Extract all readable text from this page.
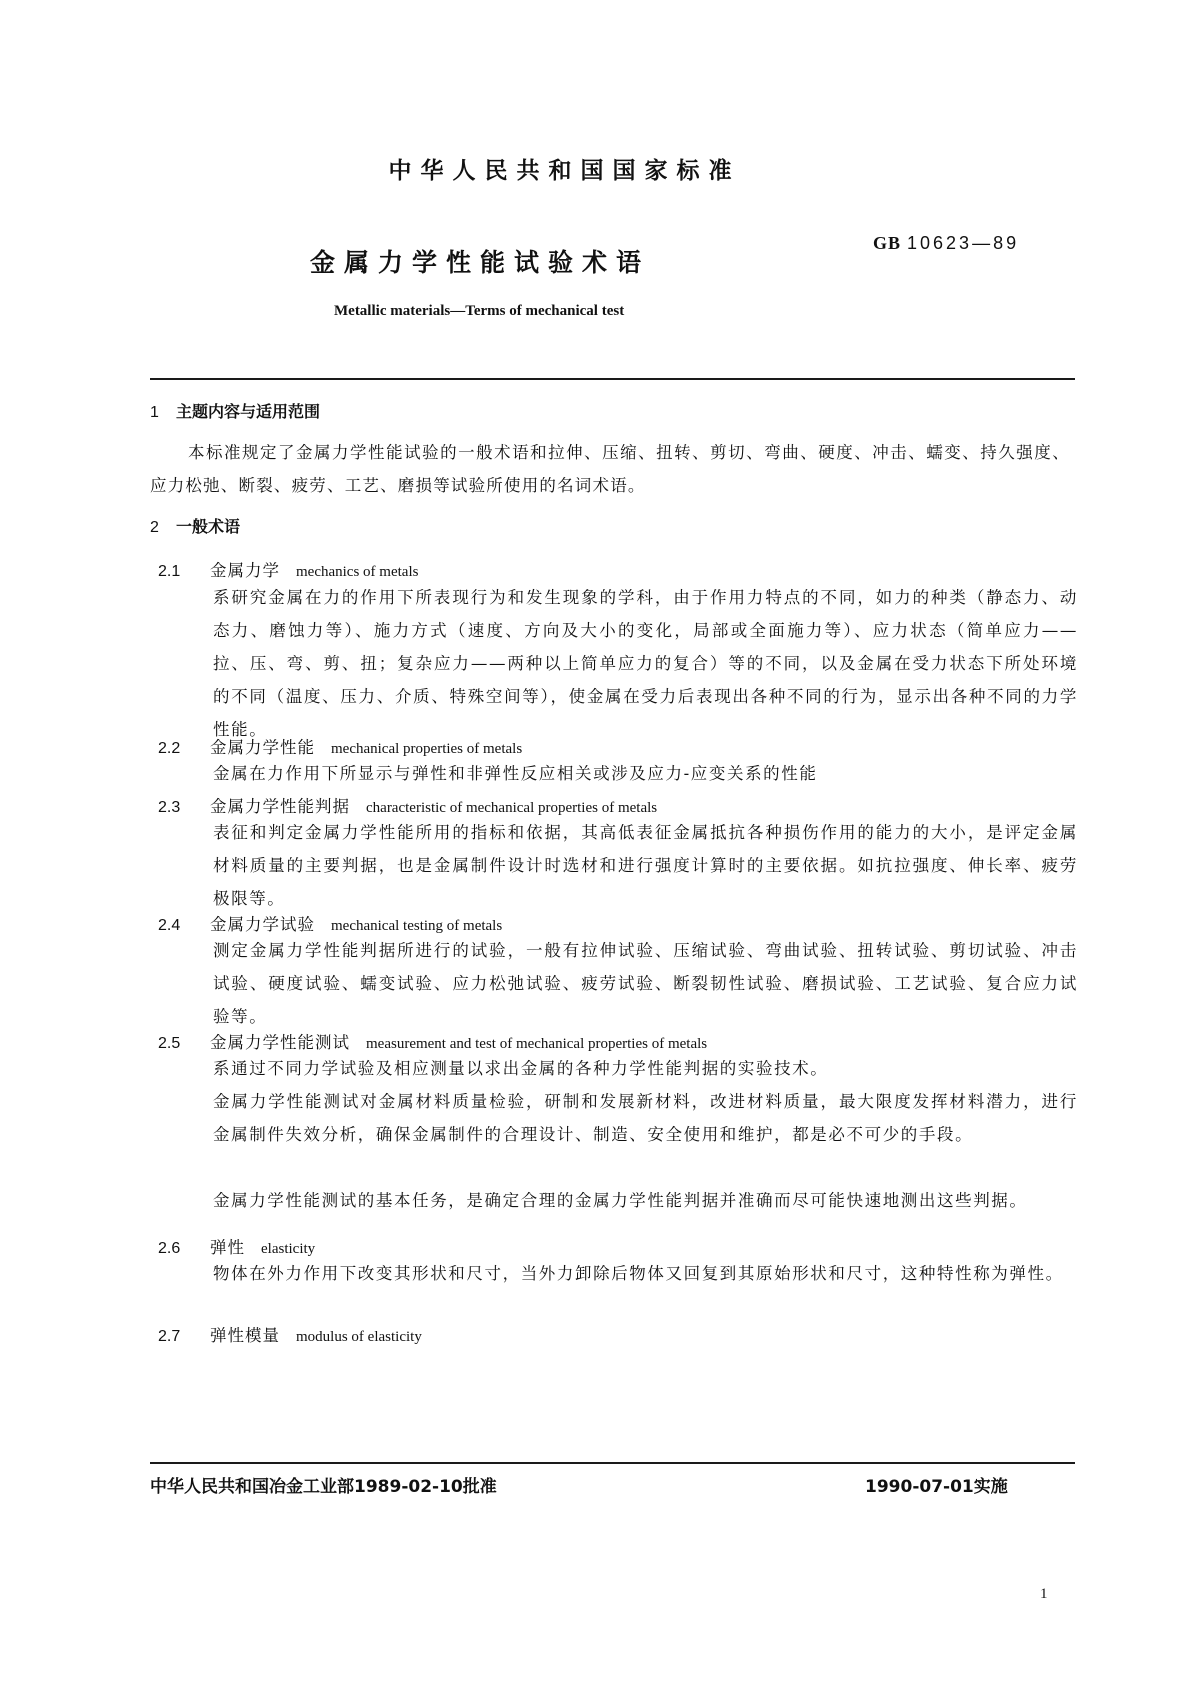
中华人民共和国国家标准
金属力学性能试验术语
GB 10623—89
Metallic materials—Terms of mechanical test
1 主题内容与适用范围
本标准规定了金属力学性能试验的一般术语和拉伸、压缩、扭转、剪切、弯曲、硬度、冲击、蠕变、持久强度、应力松弛、断裂、疲劳、工艺、磨损等试验所使用的名词术语。
2 一般术语
2.1 金属力学 mechanics of metals
系研究金属在力的作用下所表现行为和发生现象的学科，由于作用力特点的不同，如力的种类（静态力、动态力、磨蚀力等）、施力方式（速度、方向及大小的变化，局部或全面施力等）、应力状态（简单应力——拉、压、弯、剪、扭；复杂应力——两种以上简单应力的复合）等的不同，以及金属在受力状态下所处环境的不同（温度、压力、介质、特殊空间等），使金属在受力后表现出各种不同的行为，显示出各种不同的力学性能。
2.2 金属力学性能 mechanical properties of metals
金属在力作用下所显示与弹性和非弹性反应相关或涉及应力-应变关系的性能
2.3 金属力学性能判据 characteristic of mechanical properties of metals
表征和判定金属力学性能所用的指标和依据，其高低表征金属抵抗各种损伤作用的能力的大小，是评定金属材料质量的主要判据，也是金属制件设计时选材和进行强度计算时的主要依据。如抗拉强度、伸长率、疲劳极限等。
2.4 金属力学试验 mechanical testing of metals
测定金属力学性能判据所进行的试验，一般有拉伸试验、压缩试验、弯曲试验、扭转试验、剪切试验、冲击试验、硬度试验、蠕变试验、应力松弛试验、疲劳试验、断裂韧性试验、磨损试验、工艺试验、复合应力试验等。
2.5 金属力学性能测试 measurement and test of mechanical properties of metals
系通过不同力学试验及相应测量以求出金属的各种力学性能判据的实验技术。
金属力学性能测试对金属材料质量检验，研制和发展新材料，改进材料质量，最大限度发挥材料潜力，进行金属制件失效分析，确保金属制件的合理设计、制造、安全使用和维护，都是必不可少的手段。
金属力学性能测试的基本任务，是确定合理的金属力学性能判据并准确而尽可能快速地测出这些判据。
2.6 弹性 elasticity
物体在外力作用下改变其形状和尺寸，当外力卸除后物体又回复到其原始形状和尺寸，这种特性称为弹性。
2.7 弹性模量 modulus of elasticity
中华人民共和国冶金工业部1989-02-10批准	1990-07-01实施
1
